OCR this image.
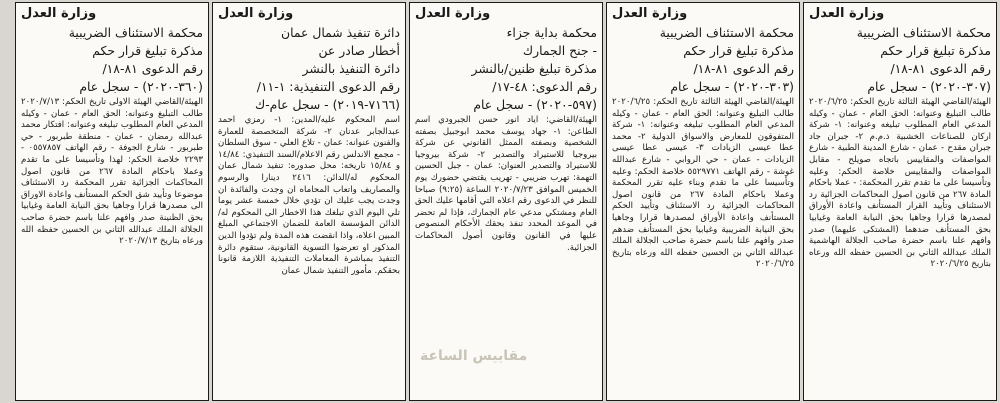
وزارة العدل
محكمة الاستئناف الضريبية
مذكرة تبليغ قرار حكم
رقم الدعوى ٨١-١٨/
(٣٠٧-٢٠٢٠) - سجل عام
الهيئة/القاضي الهيئة الثالثة تاريخ الحكم: ٢٠٢٠/٦/٢٥ طالب التبليغ وعنوانه: الحق العام - عمان - وكيله المدعي العام المطلوب تبليغه وعنوانه: ١- شركة اركان للصناعات الخشبية ذ.م.م ٢- جبران جاد جبران مقدح - عمان - شارع المدينة الطبية - شارع المواصفات والمقاييس باتجاه صويلح - مقابل المواصفات والمقاييس خلاصة الحكم: وعليه وتأسيسا على ما تقدم تقرر المحكمة: - عملا باحكام المادة ٢٦٧ من قانون اصول المحاكمات الجزائية رد الاستئناف وتأييد القرار المستأنف واعادة الأوراق لمصدرها قرارا وجاهيا بحق النيابة العامة وغيابيا بحق المستأنف ضدهما (المشتكى عليهما) صدر وافهم علنا باسم حضرة صاحب الجلالة الهاشمية الملك عبدالله الثاني بن الحسين حفظه الله ورعاه بتاريخ ٢٠٢٠/٦/٢٥
وزارة العدل
محكمة الاستئناف الضريبية
مذكرة تبليغ قرار حكم
رقم الدعوى ٨١-١٨/
(٣٠٣-٢٠٢٠) - سجل عام
الهيئة/القاضي الهيئة الثالثة تاريخ الحكم: ٢٠٢٠/٦/٢٥ طالب التبليغ وعنوانه: الحق العام - عمان - وكيله المدعي العام المطلوب تبليغه وعنوانه: ١- شركة المتفوقون للمعارض والاسواق الدولية ٢- محمد عطا عيسى الزيادات ٣- عيسى عطا عيسى الزيادات - عمان - حي الروابي - شارع عبدالله غوشة - رقم الهاتف ٥٥٢٩٧٧١ خلاصة الحكم: وعليه وتأسيسا على ما تقدم وبناء عليه تقرر المحكمة وعملا باحكام المادة ٢٦٧ من قانون اصول المحاكمات الجزائية رد الاستئناف وتأييد الحكم المستأنف واعادة الأوراق لمصدرها قرارا وجاهيا بحق النيابة الضريبية وغيابيا بحق المستأنف ضدهم صدر وافهم علنا باسم حضرة صاحب الجلالة الملك عبدالله الثاني بن الحسين حفظه الله ورعاه بتاريخ ٢٠٢٠/٦/٢٥
وزارة العدل
محكمة بداية جزاء
- جنح الجمارك
مذكرة تبليغ ظنين/بالنشر
رقم الدعوى: ٤٨-١٧/
(٥٩٧-٢٠٢٠) - سجل عام
الهيئة/القاضي: اياد انور حسن الجبرودي اسم الطاعن: ١- جهاد يوسف محمد ابوجبيل بصفته الشخصية وبصفته الممثل القانوني عن شركة بيروجيا للاستيراد والتصدير ٢- شركة بيروجيا للاستيراد والتصدير العنوان: عمان - جبل الحسين التهمة: تهرب ضريبي - تهريب يقتضي حضورك يوم الخميس الموافق ٢٠٢٠/٧/٢٣ الساعة (٩:٢٥) صباحا للنظر في الدعوى رقم اعلاه التي أقامها عليك الحق العام ومشتكي مدعي عام الجمارك، فإذا لم تحضر في الموعد المحدد تنفذ بحقك الأحكام المنصوص عليها في القانون وقانون أصول المحاكمات الجزائية.
وزارة العدل
دائرة تنفيذ شمال عمان
أخطار صادر عن
دائرة التنفيذ بالنشر
رقم الدعوى التنفيذية: ١-١١/
(٧١٦٦-٢٠١٩) - سجل عام-ك
اسم المحكوم عليه/المدين: ١- رمزي احمد عبدالجابر عدنان ٢- شركة المتخصصة للعمارة والفنون عنوانه: عمان - تلاع العلي - سوق السلطان - مجمع الاندلس رقم الاعلام/السند التنفيذي: ١٤/٨٤ و ١٥/٨٤ تاريخه: محل صدوره: تنفيذ شمال عمان المحكوم له/الدائن: ٢٤١٦ دينارا والرسوم والمصاريف واتعاب المحاماه ان وجدت والفائدة ان وجدت يجب عليك ان تؤدي خلال خمسة عشر يوما تلي اليوم الذي تبلغك هذا الاخطار الى المحكوم له/الدائن المؤسسة العامة للضمان الاجتماعي المبلغ المبين اعلاه، واذا انقضت هذه المدة ولم تؤدوا الدين المذكور او تعرضوا التسوية القانونية، ستقوم دائرة التنفيذ بمباشرة المعاملات التنفيذية اللازمة قانونا بحقكم. مأمور التنفيذ شمال عمان
وزارة العدل
محكمة الاستئناف الضريبية
مذكرة تبليغ قرار حكم
رقم الدعوى ٨١-١٨/
(٣٦٠-٢٠٢٠) - سجل عام
الهيئة/القاضي الهيئة الاولى تاريخ الحكم: ٢٠٢٠/٧/١٣ طالب التبليغ وعنوانه: الحق العام - عمان - وكيله المدعي العام المطلوب تبليغه وعنوانه: افتكار محمد عبدالله رمضان - عمان - منطقة طبربور - حي طبربور - شارع الجوفة - رقم الهاتف ٠٥٥٧٨٥٧ - ٢٢٩٣ خلاصة الحكم: لهذا وتأسيسا على ما تقدم وعملا باحكام المادة ٢٦٧ من قانون اصول المحاكمات الجزائية تقرر المحكمة رد الاستئناف موضوعا وتأييد شق الحكم المستأنف واعادة الاوراق الى مصدرها قرارا وجاهيا بحق النيابة العامة وغيابيا بحق الظنينة صدر وافهم علنا باسم حضرة صاحب الجلالة الملك عبدالله الثاني بن الحسين حفظه الله ورعاه بتاريخ ٢٠٢٠/٧/١٣
مقاييس الساعة
